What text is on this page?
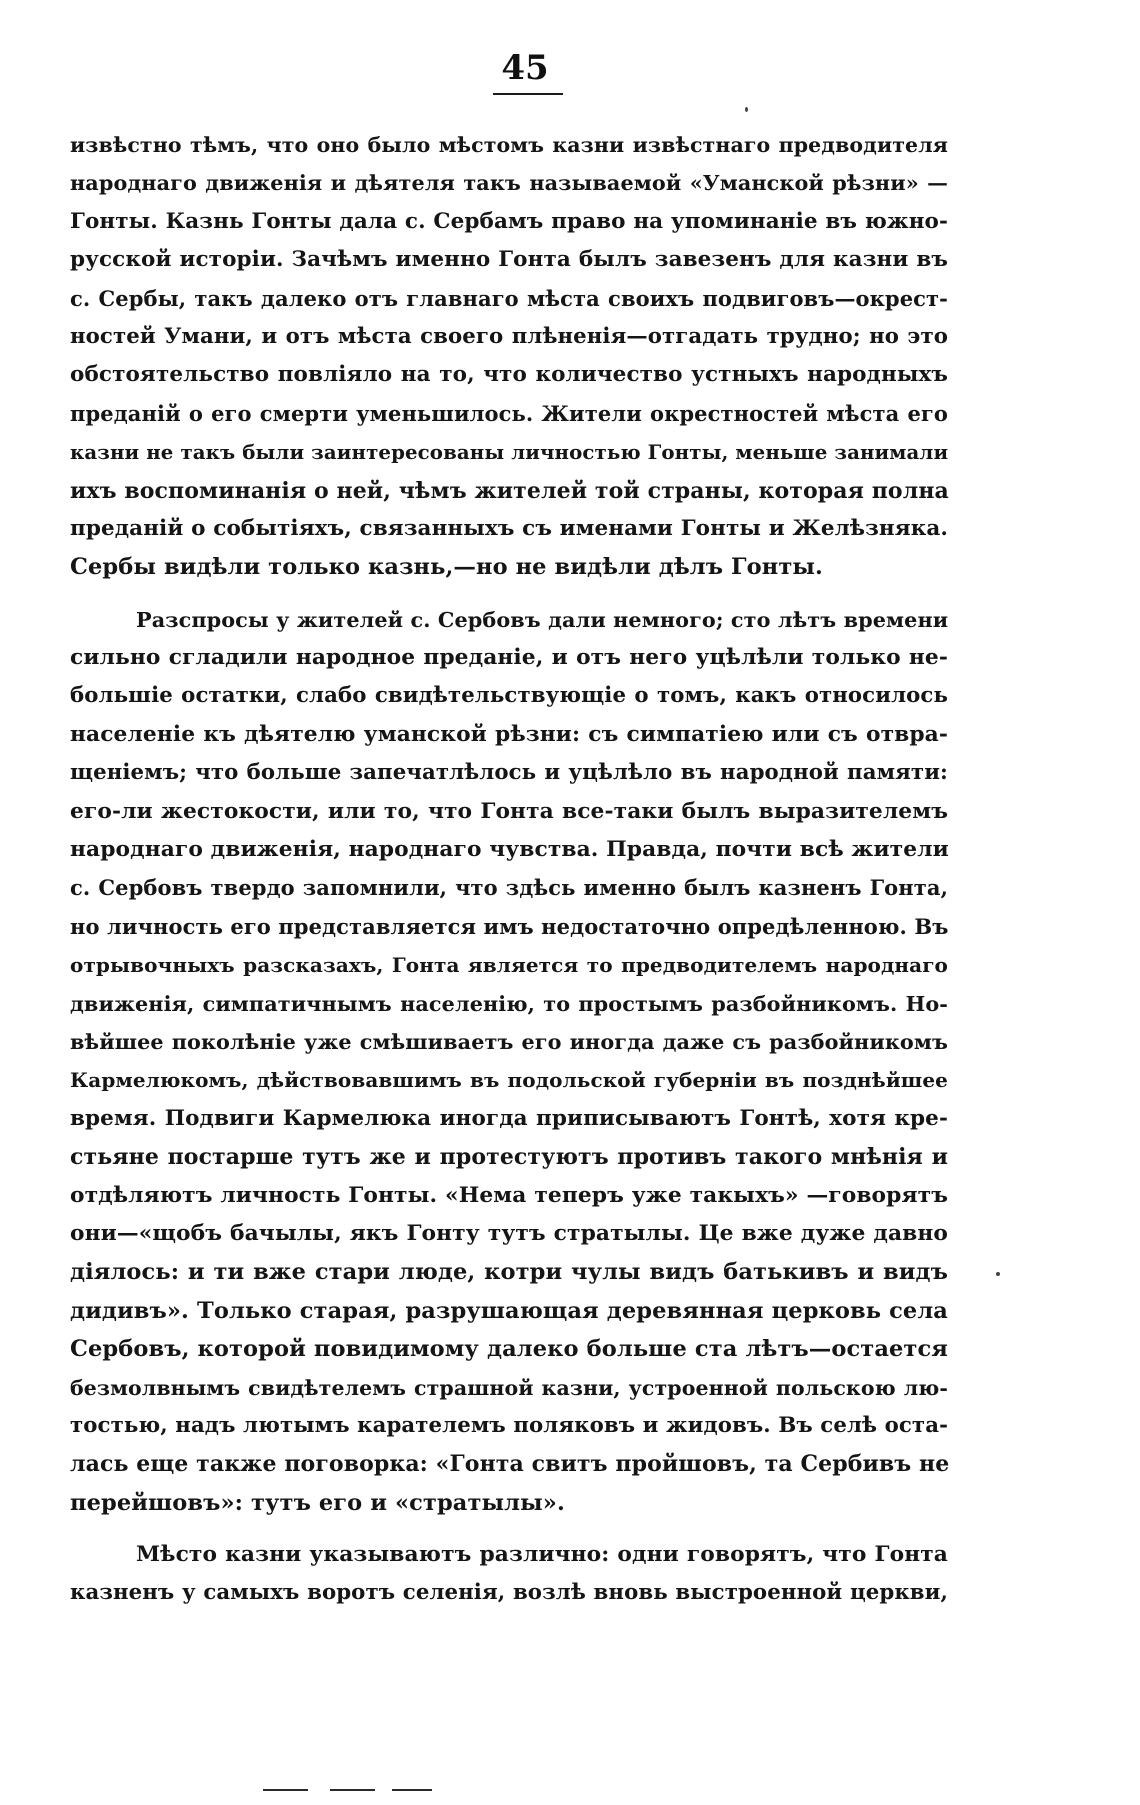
45
извѣстно тѣмъ, что оно было мѣстомъ казни извѣстнаго предводителя
народнаго движенія и дѣятеля такъ называемой «Уманской рѣзни» —
Гонты. Казнь Гонты дала с. Сербамъ право на упоминаніе въ южно-
русской исторіи. Зачѣмъ именно Гонта былъ завезенъ для казни въ
с. Сербы, такъ далеко отъ главнаго мѣста своихъ подвиговъ—окрест-
ностей Умани, и отъ мѣста своего плѣненія—отгадать трудно; но это
обстоятельство повліяло на то, что количество устныхъ народныхъ
преданій о его смерти уменьшилось. Жители окрестностей мѣста его
казни не такъ были заинтересованы личностью Гонты, меньше занимали
ихъ воспоминанія о ней, чѣмъ жителей той страны, которая полна
преданій о событіяхъ, связанныхъ съ именами Гонты и Желѣзняка.
Сербы видѣли только казнь,—но не видѣли дѣлъ Гонты.
Разспросы у жителей с. Сербовъ дали немного; сто лѣтъ времени
сильно сгладили народное преданіе, и отъ него уцѣлѣли только не-
большіе остатки, слабо свидѣтельствующіе о томъ, какъ относилось
населеніе къ дѣятелю уманской рѣзни: съ симпатіею или съ отвра-
щеніемъ; что больше запечатлѣлось и уцѣлѣло въ народной памяти:
его-ли жестокости, или то, что Гонта все-таки былъ выразителемъ
народнаго движенія, народнаго чувства. Правда, почти всѣ жители
с. Сербовъ твердо запомнили, что здѣсь именно былъ казненъ Гонта,
но личность его представляется имъ недостаточно опредѣленною. Въ
отрывочныхъ разсказахъ, Гонта является то предводителемъ народнаго
движенія, симпатичнымъ населенію, то простымъ разбойникомъ. Но-
вѣйшее поколѣніе уже смѣшиваетъ его иногда даже съ разбойникомъ
Кармелюкомъ, дѣйствовавшимъ въ подольской губерніи въ позднѣйшее
время. Подвиги Кармелюка иногда приписываютъ Гонтѣ, хотя кре-
стьяне постарше тутъ же и протестуютъ противъ такого мнѣнія и
отдѣляютъ личность Гонты. «Нема теперъ уже такыхъ» —говорятъ
они—«щобъ бачылы, якъ Гонту тутъ стратылы. Це вже дуже давно
діялось: и ти вже стари люде, котри чулы видъ батькивъ и видъ
дидивъ». Только старая, разрушающая деревянная церковь села
Сербовъ, которой повидимому далеко больше ста лѣтъ—остается
безмолвнымъ свидѣтелемъ страшной казни, устроенной польскою лю-
тостью, надъ лютымъ карателемъ поляковъ и жидовъ. Въ селѣ оста-
лась еще также поговорка: «Гонта свитъ пройшовъ, та Сербивъ не
перейшовъ»: тутъ его и «стратылы».
Мѣсто казни указываютъ различно: одни говорятъ, что Гонта
казненъ у самыхъ воротъ селенія, возлѣ вновь выстроенной церкви,
